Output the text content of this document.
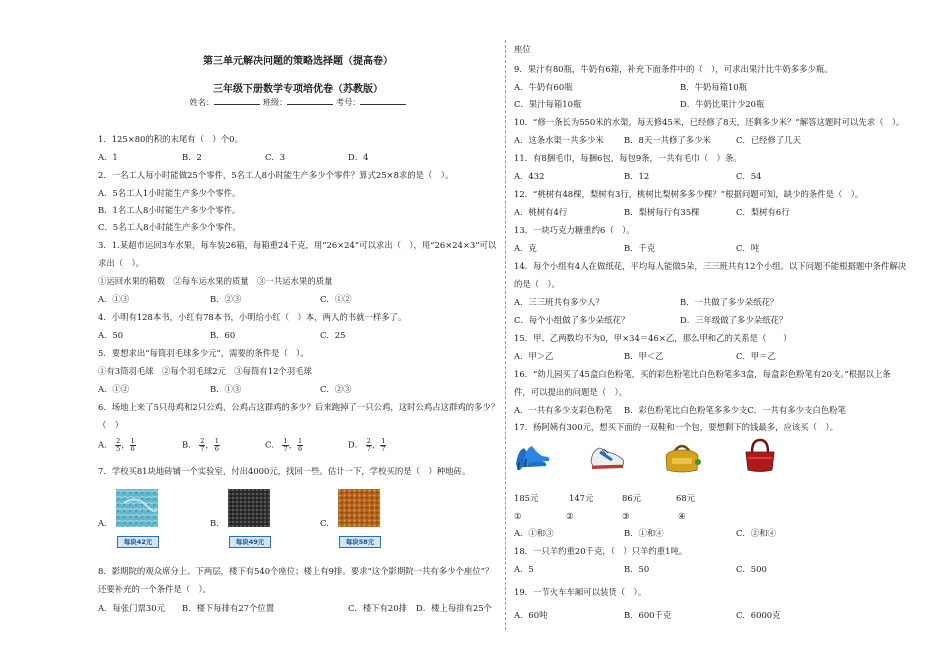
第三单元解决问题的策略选择题（提高卷）
三年级下册数学专项培优卷（苏教版）
姓名：	班级：	考号：
1．125×80的积的末尾有（　）个0。
A．1	B．2	C．3	D．4
2．一名工人每小时能做25个零件，5名工人8小时能生产多少个零件？算式25×8求的是（　）。
A．5名工人1小时能生产多少个零件。
B．1名工人8小时能生产多少个零件。
C．5名工人8小时能生产多少个零件。
3．1.某超市运回3车水果，每车装26箱，每箱重24千克，用“26×24”可以求出（　），用“26×24×3”可以
求出（　）。
①运回水果的箱数　②每车运水果的质量　③一共运水果的质量
A．①③	B．②③	C．①②
4．小明有128本书，小红有78本书，小明给小红（　）本，两人的书就一样多了。
A．50	B．60	C．25
5．要想求出“每筒羽毛球多少元”，需要的条件是（　）。
①有3筒羽毛球　②每个羽毛球2元　③每筒有12个羽毛球
A．①②	B．①③	C．②③
6．场地上来了5只母鸡和2只公鸡，公鸡占这群鸡的多少？后来跑掉了一只公鸡，这时公鸡占这群鸡的多少？
（　）
A． $\frac{2}{5}$ ， $\frac{1}{6}$	B． $\frac{2}{7}$ ， $\frac{1}{6}$	C． $\frac{1}{7}$ ， $\frac{1}{6}$	D． $\frac{2}{7}$ ， $\frac{1}{7}$
7．学校买81块地砖铺一个实验室，付出4000元，找回一些。估计一下，学校买的是（　）种地砖。
A．
每块42元
B．
每块49元
C．
每块58元
8．影期院的观众席分上、下两层，楼下有540个座位；楼上有9排。要求“这个影期院一共有多少个座位”？
还要补充的一个条件是（　）。
A．每张门票30元 B．楼下每排有27个位置	C．楼下有20排 D．楼上每排有25个
座位
9．果汁有80瓶，牛奶有6箱，补充下面条件中的（　），可求出果汁比牛奶多多少瓶。
A．牛奶有60瓶	B．牛奶每箱10瓶
C．果汁每箱10瓶	D．牛奶比果汁少20瓶
10．“修一条长为550米的水渠，每天修45米，已经修了8天，还剩多少米？”解答这题时可以先求（　）。
A．这条水渠一共多少米 B．8天一共修了多少米	C．已经修了几天
11．有8捆毛巾，每捆6包，每包9条，一共有毛巾（　）条。
A．432	B．12	C．54
12．“桃树有48棵，梨树有3行，桃树比梨树多多少棵？”根据问题可知，缺少的条件是（　）。
A．桃树有4行	B．梨树每行有35棵	C．梨树有6行
13．一块巧克力糖重约6（　）。
A．克	B．千克	C．吨
14．每个小组有4人在做纸花，平均每人能做5朵，三三班共有12个小组。以下问题不能根据题中条件解决
的是（　）。
A．三三班共有多少人？	B．一共做了多少朵纸花？
C．每个小组做了多少朵纸花？	D．三年级做了多少朵纸花？
15．甲、乙两数均不为0，甲×34＝46×乙，那么甲和乙的关系是（　　）
A．甲＞乙	B．甲＜乙	C．甲＝乙
16．“幼儿园买了45盒白色粉笔，买的彩色粉笔比白色粉笔多3盒，每盒彩色粉笔有20支。”根据以上条
件，可以提出的问题是（　）。
A．一共有多少支彩色粉笔 B．彩色粉笔比白色粉笔多多少支C．一共有多少支白色粉笔
17．杨阿姨有300元，想买下面的一双鞋和一个包，要想剩下的钱最多，应该买（　）。
185元	147元	86元	68元
①	②	③	④
A．①和③	B．①和④	C．②和④
18．一只羊约重20千克，（　）只羊约重1吨。
A．5	B．50	C．500
19．一节火车车厢可以装货（　）。
A．60吨	B．600千克	C．6000克
